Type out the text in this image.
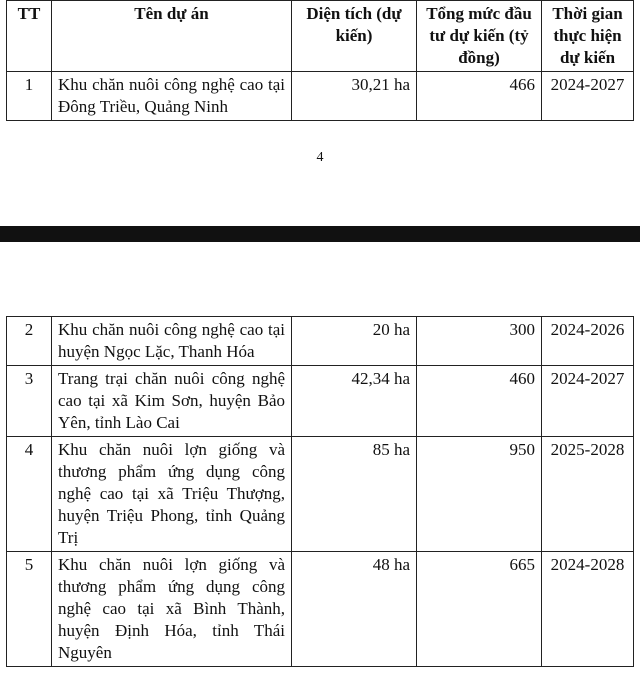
TT	Tên dự án	Diện tích (dự kiến)	Tổng mức đầu tư dự kiến (tỷ đồng)	Thời gian thực hiện dự kiến
1	Khu chăn nuôi công nghệ cao tại Đông Triều, Quảng Ninh	30,21 ha	466	2024-2027
4
2	Khu chăn nuôi công nghệ cao tại huyện Ngọc Lặc, Thanh Hóa	20 ha	300	2024-2026
3	Trang trại chăn nuôi công nghệ cao tại xã Kim Sơn, huyện Bảo Yên, tỉnh Lào Cai	42,34 ha	460	2024-2027
4	Khu chăn nuôi lợn giống và thương phẩm ứng dụng công nghệ cao tại xã Triệu Thượng, huyện Triệu Phong, tỉnh Quảng Trị	85 ha	950	2025-2028
5	Khu chăn nuôi lợn giống và thương phẩm ứng dụng công nghệ cao tại xã Bình Thành, huyện Định Hóa, tỉnh Thái Nguyên	48 ha	665	2024-2028
